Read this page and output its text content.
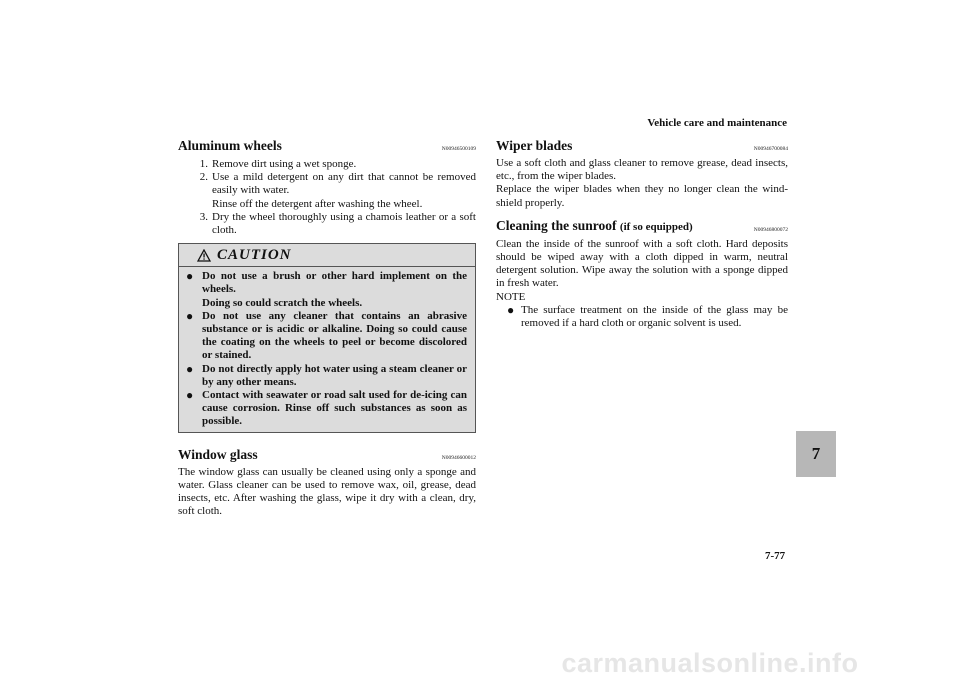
Vehicle care and maintenance
Aluminum wheels	N00946500109
1. Remove dirt using a wet sponge.
2. Use a mild detergent on any dirt that cannot be removed easily with water.
Rinse off the detergent after washing the wheel.
3. Dry the wheel thoroughly using a chamois leather or a soft cloth.
CAUTION
● Do not use a brush or other hard implement on the wheels.
Doing so could scratch the wheels.
● Do not use any cleaner that contains an abrasive substance or is acidic or alkaline. Doing so could cause the coating on the wheels to peel or become discolored or stained.
● Do not directly apply hot water using a steam cleaner or by any other means.
● Contact with seawater or road salt used for de-icing can cause corrosion. Rinse off such substances as soon as possible.
Window glass	N00946600012

The window glass can usually be cleaned using only a sponge and water. Glass cleaner can be used to remove wax, oil, grease, dead insects, etc. After washing the glass, wipe it dry with a clean, dry, soft cloth.

Wiper blades	N00946700084

Use a soft cloth and glass cleaner to remove grease, dead insects, etc., from the wiper blades.

Replace the wiper blades when they no longer clean the wind-shield properly.

Cleaning the sunroof (if so equipped)	N00946800072

Clean the inside of the sunroof with a soft cloth. Hard deposits should be wiped away with a cloth dipped in warm, neutral detergent solution. Wipe away the solution with a sponge dipped in fresh water.

NOTE

● The surface treatment on the inside of the glass may be removed if a hard cloth or organic solvent is used.
7
7-77
carmanualsonline.info
